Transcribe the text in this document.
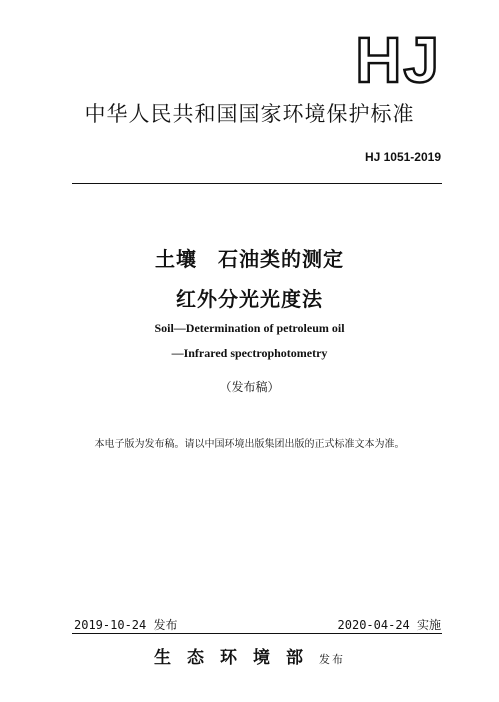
HJ
中华人民共和国国家环境保护标准
HJ 1051-2019
土壤　石油类的测定
红外分光光度法
Soil—Determination of petroleum oil
—Infrared spectrophotometry
（发布稿）
本电子版为发布稿。请以中国环境出版集团出版的正式标准文本为准。
2019-10-24 发布	2020-04-24 实施
生态环境部发布
